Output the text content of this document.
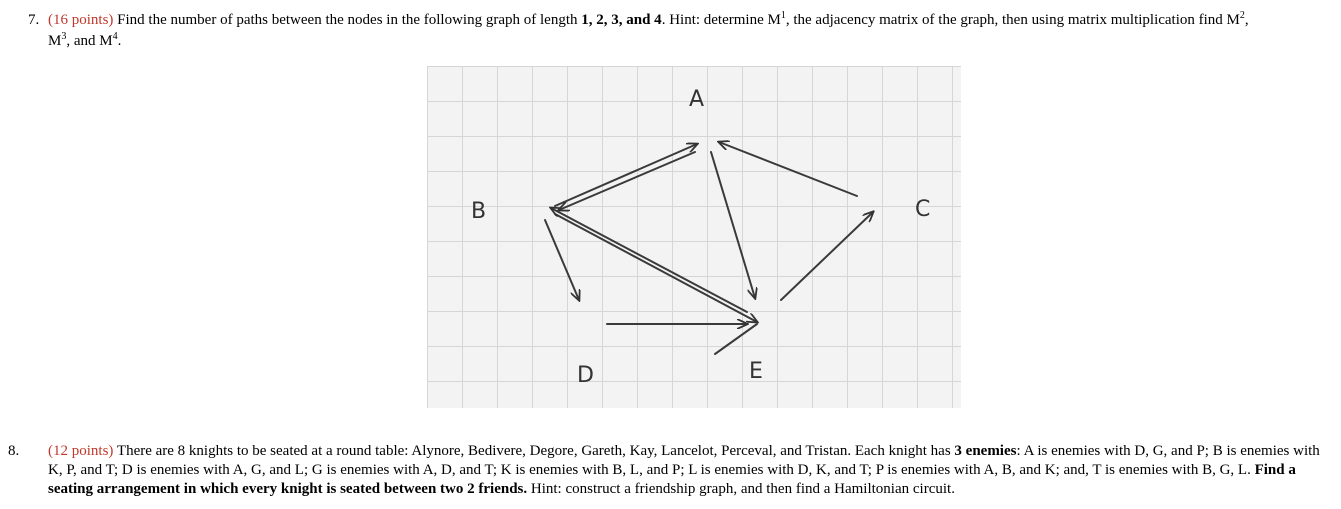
7. (16 points) Find the number of paths between the nodes in the following graph of length 1, 2, 3, and 4. Hint: determine $M^1$, the adjacency matrix of the graph, then using matrix multiplication find $M^2$,
$M^3$, and $M^4$.
A
B	C
D	E
8. (12 points) There are 8 knights to be seated at a round table: Alynore, Bedivere, Degore, Gareth, Kay, Lancelot, Perceval, and Tristan. Each knight has 3 enemies: A is enemies with D, G, and P; B is enemies with K, P, and T; D is enemies with A, G, and L; G is enemies with A, D, and T; K is enemies with B, L, and P; L is enemies with D, K, and T; P is enemies with A, B, and K; and, T is enemies with B, G, L. Find a seating arrangement in which every knight is seated between two 2 friends. Hint: construct a friendship graph, and then find a Hamiltonian circuit.
